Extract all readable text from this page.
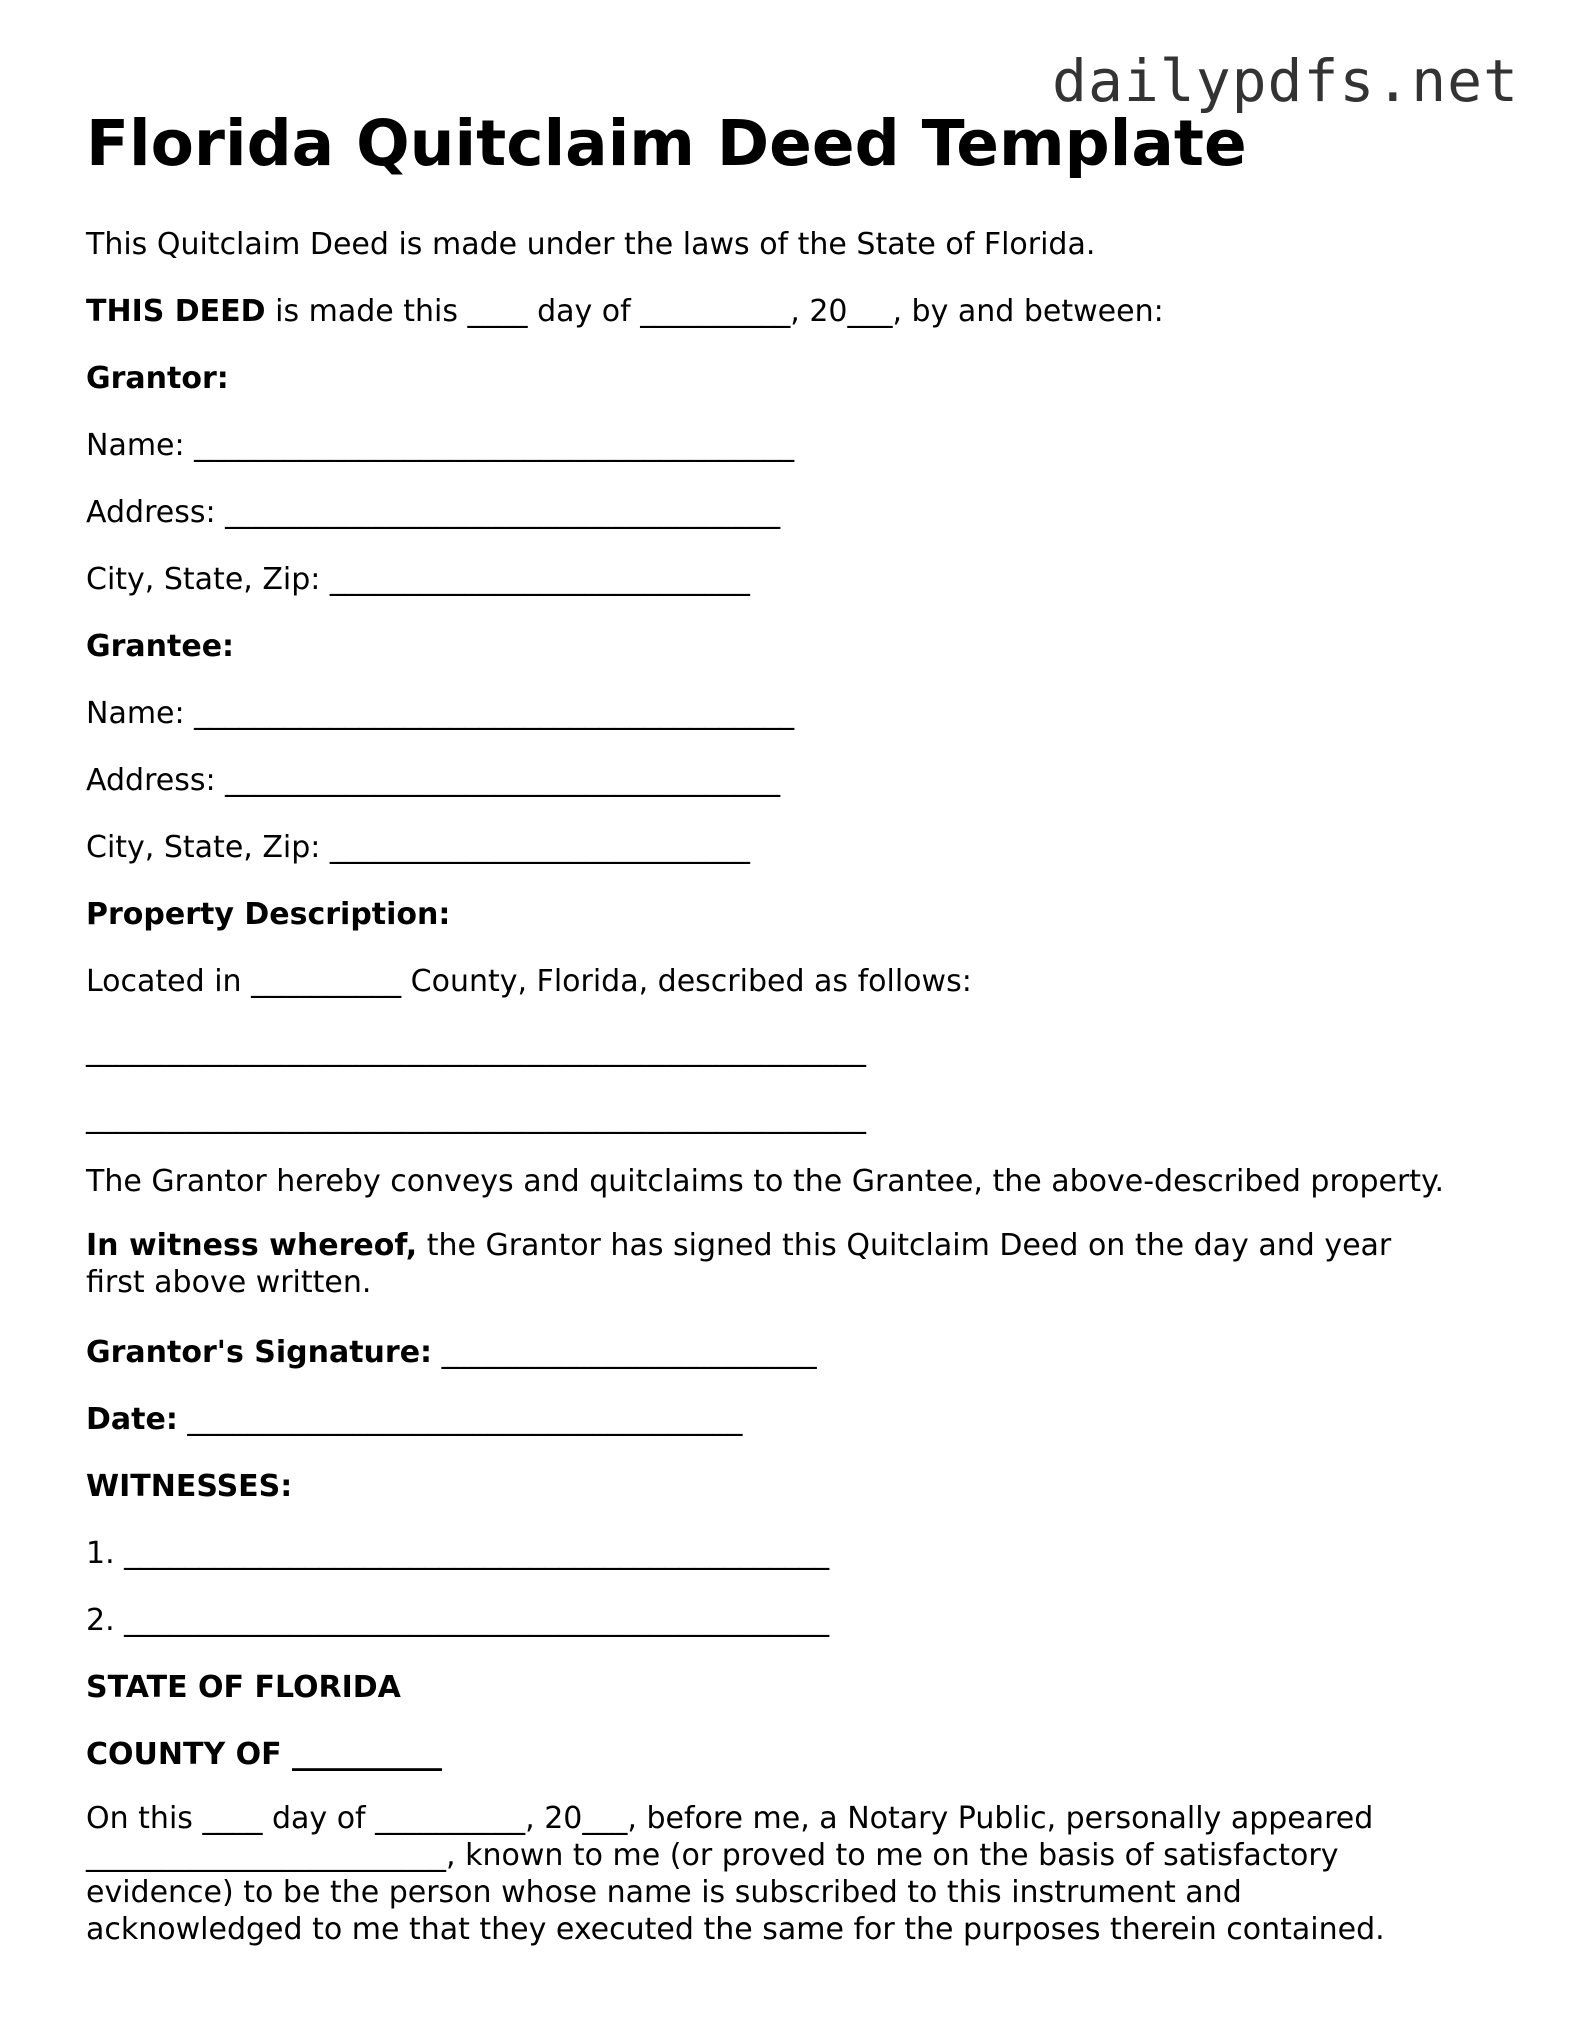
dailypdfs.net
Florida Quitclaim Deed Template
This Quitclaim Deed is made under the laws of the State of Florida.
THIS DEED is made this ____ day of __________, 20___, by and between:
Grantor:
Name: ________________________________________
Address: _____________________________________
City, State, Zip: ____________________________
Grantee:
Name: ________________________________________
Address: _____________________________________
City, State, Zip: ____________________________
Property Description:
Located in __________ County, Florida, described as follows:
____________________________________________________
____________________________________________________
The Grantor hereby conveys and quitclaims to the Grantee, the above-described property.
In witness whereof, the Grantor has signed this Quitclaim Deed on the day and year
first above written.
Grantor's Signature: _________________________
Date: _____________________________________
WITNESSES:
1. _______________________________________________
2. _______________________________________________
STATE OF FLORIDA
COUNTY OF __________
On this ____ day of __________, 20___, before me, a Notary Public, personally appeared
________________________, known to me (or proved to me on the basis of satisfactory
evidence) to be the person whose name is subscribed to this instrument and
acknowledged to me that they executed the same for the purposes therein contained.
